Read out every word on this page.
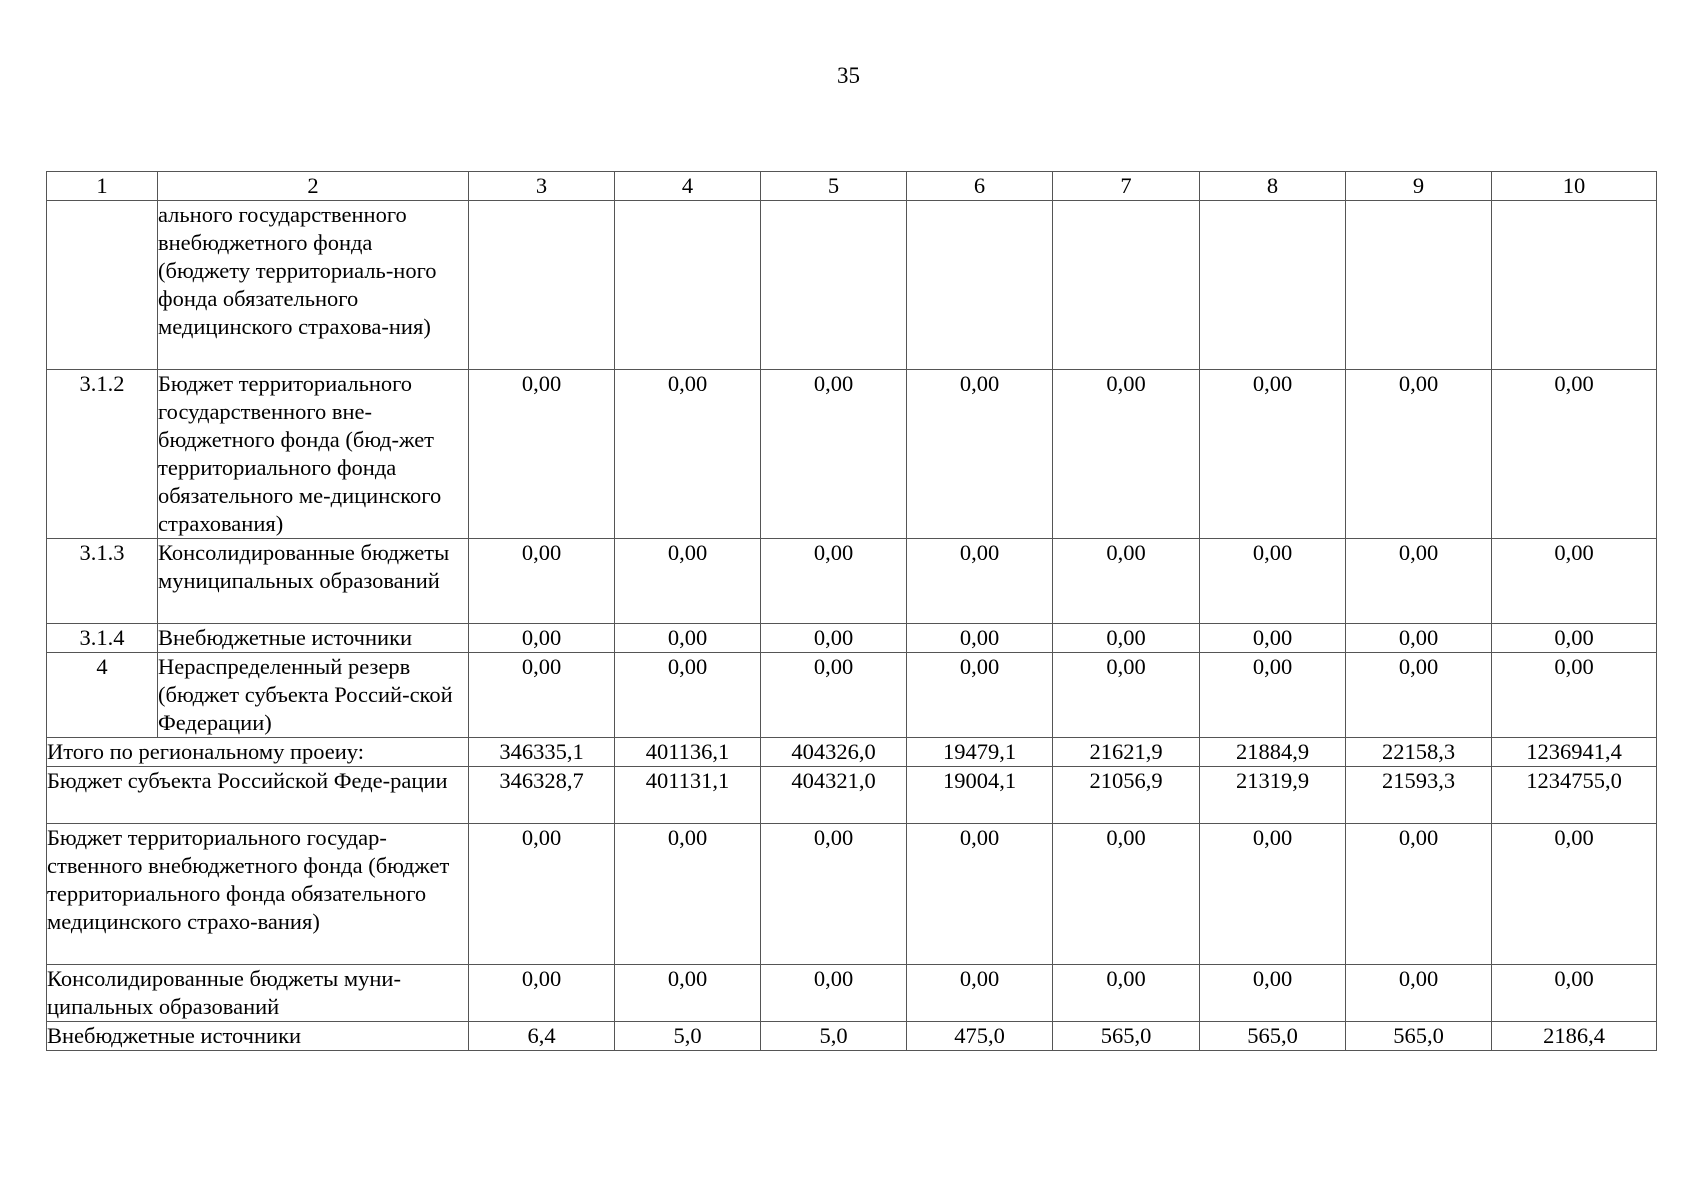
35
1	2	3	4	5	6	7	8	9	10
	ального государственного внебюджетного фонда (бюджету территориаль-ного фонда обязательного медицинского страхова-ния)								
3.1.2	Бюджет территориального государственного вне-бюджетного фонда (бюд-жет территориального фонда обязательного ме-дицинского страхования)	0,00	0,00	0,00	0,00	0,00	0,00	0,00	0,00
3.1.3	Консолидированные бюджеты муниципальных образований	0,00	0,00	0,00	0,00	0,00	0,00	0,00	0,00
3.1.4	Внебюджетные источники	0,00	0,00	0,00	0,00	0,00	0,00	0,00	0,00
4	Нераспределенный резерв (бюджет субъекта Россий-ской Федерации)	0,00	0,00	0,00	0,00	0,00	0,00	0,00	0,00
Итого по региональному проеиу:		346335,1	401136,1	404326,0	19479,1	21621,9	21884,9	22158,3	1236941,4
Бюджет субъекта Российской Феде-рации		346328,7	401131,1	404321,0	19004,1	21056,9	21319,9	21593,3	1234755,0
Бюджет территориального государ-ственного внебюджетного фонда (бюджет территориального фонда обязательного медицинского страхо-вания)		0,00	0,00	0,00	0,00	0,00	0,00	0,00	0,00
Консолидированные бюджеты муни-ципальных образований		0,00	0,00	0,00	0,00	0,00	0,00	0,00	0,00
Внебюджетные источники		6,4	5,0	5,0	475,0	565,0	565,0	565,0	2186,4
